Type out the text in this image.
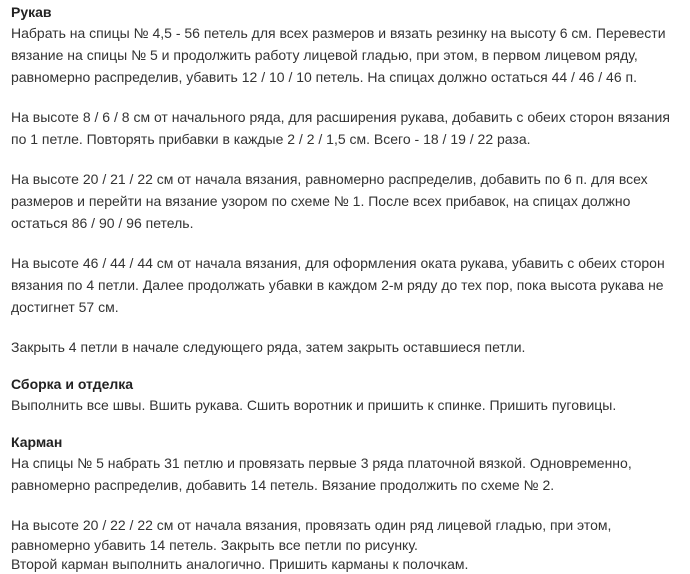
Рукав
Набрать на спицы № 4,5 - 56 петель для всех размеров и вязать резинку на высоту 6 см. Перевести
вязание на спицы № 5 и продолжить работу лицевой гладью, при этом, в первом лицевом ряду,
равномерно распределив, убавить 12 / 10 / 10 петель. На спицах должно остаться 44 / 46 / 46 п.
На высоте 8 / 6 / 8 см от начального ряда, для расширения рукава, добавить с обеих сторон вязания
по 1 петле. Повторять прибавки в каждые 2 / 2 / 1,5 см. Всего - 18 / 19 / 22 раза.
На высоте 20 / 21 / 22 см от начала вязания, равномерно распределив, добавить по 6 п. для всех
размеров и перейти на вязание узором по схеме № 1. После всех прибавок, на спицах должно
остаться 86 / 90 / 96 петель.
На высоте 46 / 44 / 44 см от начала вязания, для оформления оката рукава, убавить с обеих сторон
вязания по 4 петли. Далее продолжать убавки в каждом 2-м ряду до тех пор, пока высота рукава не
достигнет 57 см.
Закрыть 4 петли в начале следующего ряда, затем закрыть оставшиеся петли.
Сборка и отделка
Выполнить все швы. Вшить рукава. Сшить воротник и пришить к спинке. Пришить пуговицы.
Карман
На спицы № 5 набрать 31 петлю и провязать первые 3 ряда платочной вязкой. Одновременно,
равномерно распределив, добавить 14 петель. Вязание продолжить по схеме № 2.
На высоте 20 / 22 / 22 см от начала вязания, провязать один ряд лицевой гладью, при этом,
равномерно убавить 14 петель. Закрыть все петли по рисунку.
Второй карман выполнить аналогично. Пришить карманы к полочкам.
